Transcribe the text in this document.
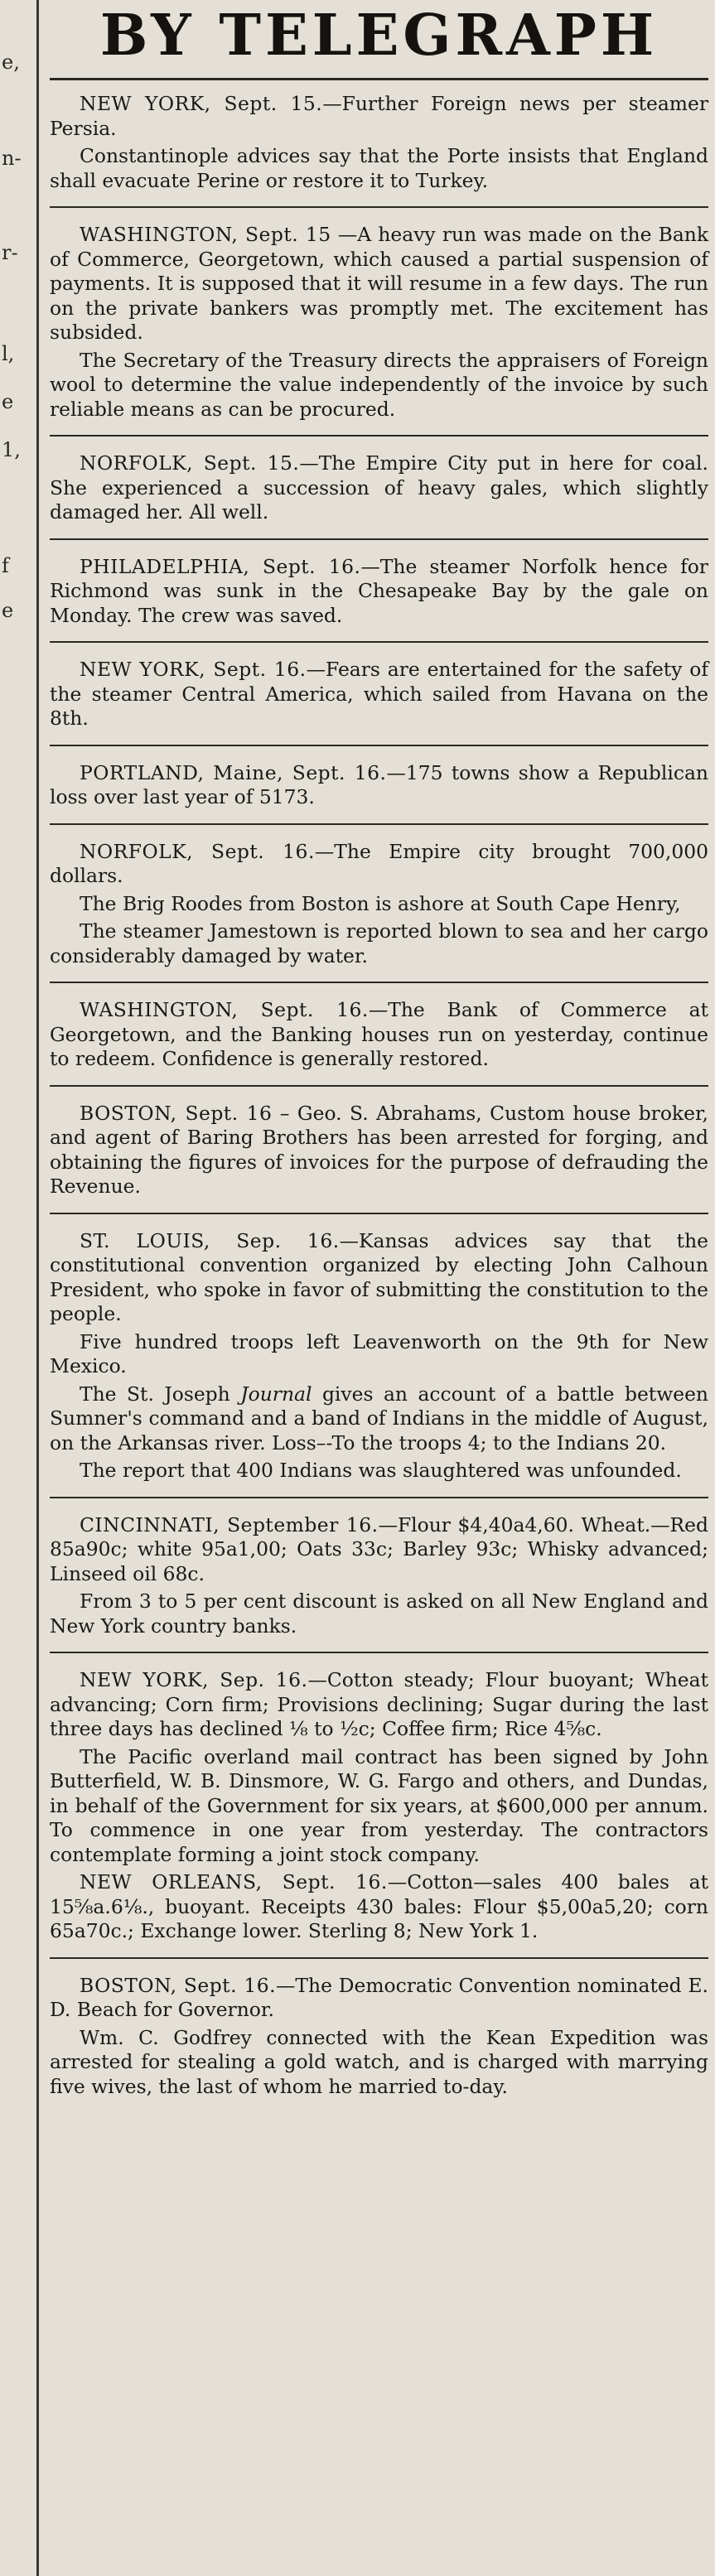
e,
n-
r-
l,
e
1,
f
e
BY TELEGRAPH

NEW YORK, Sept. 15.—Further Foreign news per steamer Persia.

Constantinople advices say that the Porte insists that England shall evacuate Perine or restore it to Turkey.

WASHINGTON, Sept. 15 —A heavy run was made on the Bank of Commerce, Georgetown, which caused a partial suspension of payments. It is supposed that it will resume in a few days. The run on the private bankers was promptly met. The excitement has subsided.

The Secretary of the Treasury directs the appraisers of Foreign wool to determine the value independently of the invoice by such reliable means as can be procured.

NORFOLK, Sept. 15.—The Empire City put in here for coal. She experienced a succession of heavy gales, which slightly damaged her. All well.

PHILADELPHIA, Sept. 16.—The steamer Norfolk hence for Richmond was sunk in the Chesapeake Bay by the gale on Monday. The crew was saved.

NEW YORK, Sept. 16.—Fears are entertained for the safety of the steamer Central America, which sailed from Havana on the 8th.

PORTLAND, Maine, Sept. 16.—175 towns show a Republican loss over last year of 5173.

NORFOLK, Sept. 16.—The Empire city brought 700,000 dollars.

The Brig Roodes from Boston is ashore at South Cape Henry,

The steamer Jamestown is reported blown to sea and her cargo considerably damaged by water.

WASHINGTON, Sept. 16.—The Bank of Commerce at Georgetown, and the Banking houses run on yesterday, continue to redeem. Confidence is generally restored.

BOSTON, Sept. 16 – Geo. S. Abrahams, Custom house broker, and agent of Baring Brothers has been arrested for forging, and obtaining the figures of invoices for the purpose of defrauding the Revenue.

ST. LOUIS, Sep. 16.—Kansas advices say that the constitutional convention organized by electing John Calhoun President, who spoke in favor of submitting the constitution to the people.

Five hundred troops left Leavenworth on the 9th for New Mexico.

The St. Joseph Journal gives an account of a battle between Sumner's command and a band of Indians in the middle of August, on the Arkansas river. Loss–-To the troops 4; to the Indians 20.

The report that 400 Indians was slaughtered was unfounded.

CINCINNATI, September 16.—Flour $4,40a4,60. Wheat.—Red 85a90c; white 95a1,00; Oats 33c; Barley 93c; Whisky advanced; Linseed oil 68c.

From 3 to 5 per cent discount is asked on all New England and New York country banks.

NEW YORK, Sep. 16.—Cotton steady; Flour buoyant; Wheat advancing; Corn firm; Provisions declining; Sugar during the last three days has declined ⅛ to ½c; Coffee firm; Rice 4⅝c.

The Pacific overland mail contract has been signed by John Butterfield, W. B. Dinsmore, W. G. Fargo and others, and Dundas, in behalf of the Government for six years, at $600,000 per annum. To commence in one year from yesterday. The contractors contemplate forming a joint stock company.

NEW ORLEANS, Sept. 16.—Cotton—sales 400 bales at 15⅝a.6⅛., buoyant. Receipts 430 bales: Flour $5,00a5,20; corn 65a70c.; Exchange lower. Sterling 8; New York 1.

BOSTON, Sept. 16.—The Democratic Convention nominated E. D. Beach for Governor.

Wm. C. Godfrey connected with the Kean Expedition was arrested for stealing a gold watch, and is charged with marrying five wives, the last of whom he married to-day.
